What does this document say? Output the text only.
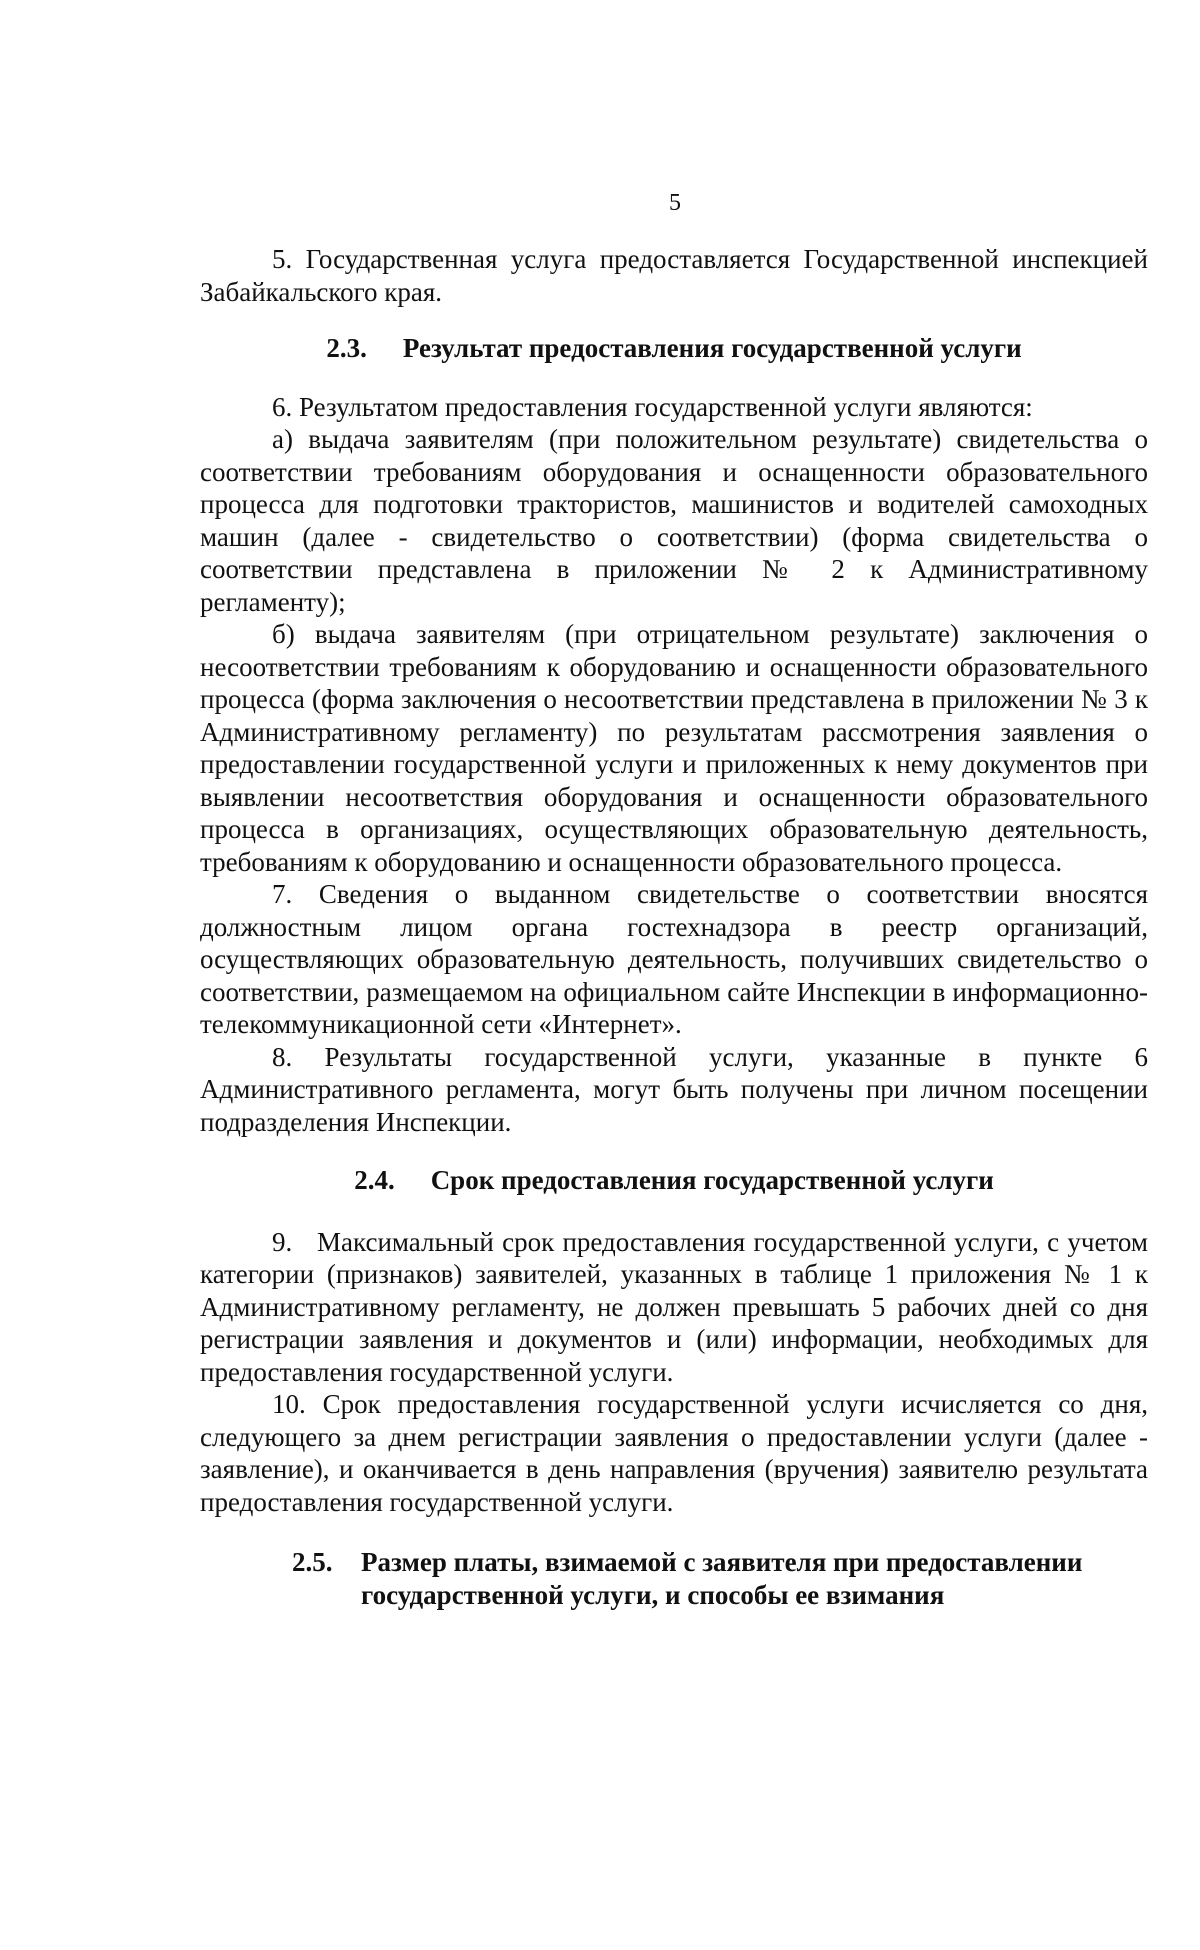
5

5. Государственная услуга предоставляется Государственной инспекцией Забайкальского края.

2.3. Результат предоставления государственной услуги

6. Результатом предоставления государственной услуги являются:

а) выдача заявителям (при положительном результате) свидетельства о соответствии требованиям оборудования и оснащенности образовательного процесса для подготовки трактористов, машинистов и водителей самоходных машин (далее - свидетельство о соответствии) (форма свидетельства о соответствии представлена в приложении № 2 к Административному регламенту);

б) выдача заявителям (при отрицательном результате) заключения о несоответствии требованиям к оборудованию и оснащенности образовательного процесса (форма заключения о несоответствии представлена в приложении № 3 к Административному регламенту) по результатам рассмотрения заявления о предоставлении государственной услуги и приложенных к нему документов при выявлении несоответствия оборудования и оснащенности образовательного процесса в организациях, осуществляющих образовательную деятельность, требованиям к оборудованию и оснащенности образовательного процесса.

7. Сведения о выданном свидетельстве о соответствии вносятся должностным лицом органа гостехнадзора в реестр организаций, осуществляющих образовательную деятельность, получивших свидетельство о соответствии, размещаемом на официальном сайте Инспекции в информационно-телекоммуникационной сети «Интернет».

8. Результаты государственной услуги, указанные в пункте 6 Административного регламента, могут быть получены при личном посещении подразделения Инспекции.

2.4. Срок предоставления государственной услуги

9.   Максимальный срок предоставления государственной услуги, с учетом категории (признаков) заявителей, указанных в таблице 1 приложения № 1 к Административному регламенту, не должен превышать 5 рабочих дней со дня регистрации заявления и документов и (или) информации, необходимых для предоставления государственной услуги.

10. Срок предоставления государственной услуги исчисляется со дня, следующего за днем регистрации заявления о предоставлении услуги (далее - заявление), и оканчивается в день направления (вручения) заявителю результата предоставления государственной услуги.

2.5.	Размер платы, взимаемой с заявителя при предоставлении государственной услуги, и способы ее взимания
